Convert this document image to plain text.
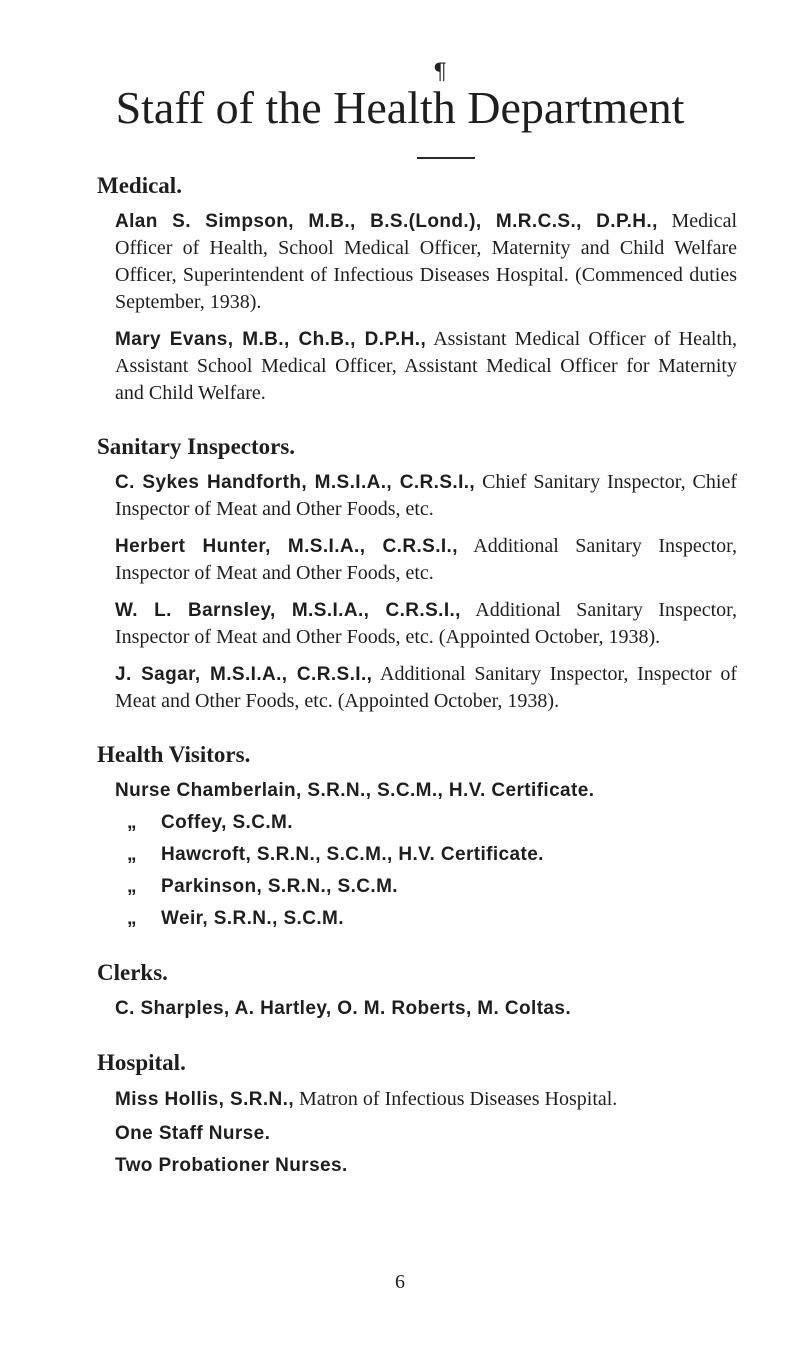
¶
Staff of the Health Department
Medical.

Alan S. Simpson, M.B., B.S.(Lond.), M.R.C.S., D.P.H., Medical Officer of Health, School Medical Officer, Maternity and Child Welfare Officer, Superintendent of Infectious Diseases Hospital. (Commenced duties September, 1938).

Mary Evans, M.B., Ch.B., D.P.H., Assistant Medical Officer of Health, Assistant School Medical Officer, Assistant Medical Officer for Maternity and Child Welfare.

Sanitary Inspectors.

C. Sykes Handforth, M.S.I.A., C.R.S.I., Chief Sanitary Inspector, Chief Inspector of Meat and Other Foods, etc.

Herbert Hunter, M.S.I.A., C.R.S.I., Additional Sanitary Inspector, Inspector of Meat and Other Foods, etc.

W. L. Barnsley, M.S.I.A., C.R.S.I., Additional Sanitary Inspector, Inspector of Meat and Other Foods, etc. (Appointed October, 1938).

J. Sagar, M.S.I.A., C.R.S.I., Additional Sanitary Inspector, Inspector of Meat and Other Foods, etc. (Appointed October, 1938).

Health Visitors.
Nurse Chamberlain, S.R.N., S.C.M., H.V. Certificate.
„ Coffey, S.C.M.
„ Hawcroft, S.R.N., S.C.M., H.V. Certificate.
„ Parkinson, S.R.N., S.C.M.
„ Weir, S.R.N., S.C.M.
Clerks.
C. Sharples, A. Hartley, O. M. Roberts, M. Coltas.
Hospital.
Miss Hollis, S.R.N., Matron of Infectious Diseases Hospital.
One Staff Nurse.
Two Probationer Nurses.
6
